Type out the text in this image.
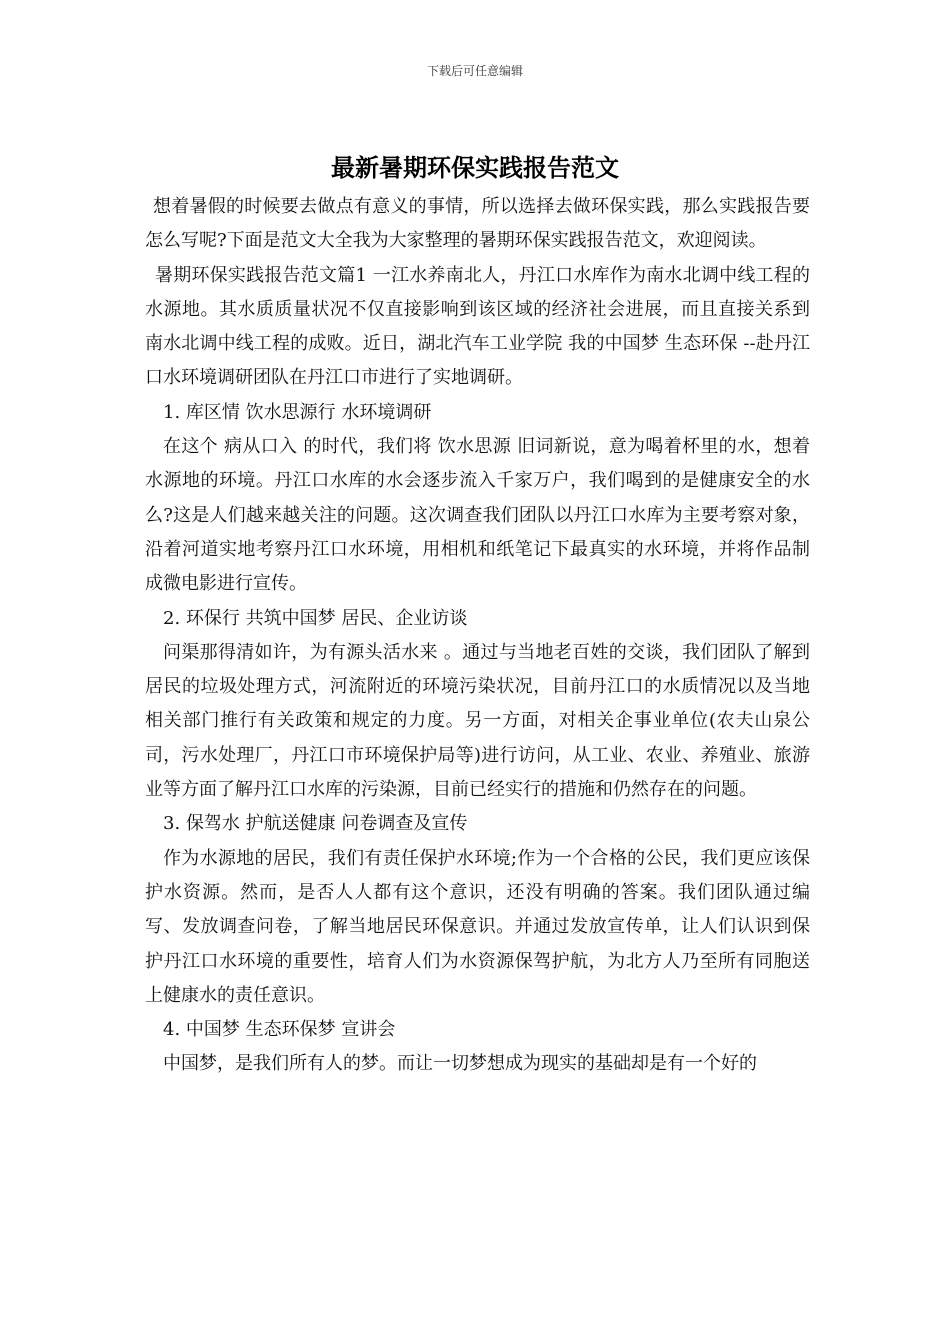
下载后可任意编辑
最新暑期环保实践报告范文

想着暑假的时候要去做点有意义的事情，所以选择去做环保实践，那么实践报告要怎么写呢?下面是范文大全我为大家整理的暑期环保实践报告范文，欢迎阅读。

暑期环保实践报告范文篇1 一江水养南北人，丹江口水库作为南水北调中线工程的水源地。其水质质量状况不仅直接影响到该区域的经济社会进展，而且直接关系到南水北调中线工程的成败。近日，湖北汽车工业学院 我的中国梦 生态环保 --赴丹江口水环境调研团队在丹江口市进行了实地调研。

1. 库区情 饮水思源行 水环境调研

在这个 病从口入 的时代，我们将 饮水思源 旧词新说，意为喝着杯里的水，想着水源地的环境。丹江口水库的水会逐步流入千家万户，我们喝到的是健康安全的水么?这是人们越来越关注的问题。这次调查我们团队以丹江口水库为主要考察对象，沿着河道实地考察丹江口水环境，用相机和纸笔记下最真实的水环境，并将作品制成微电影进行宣传。

2. 环保行 共筑中国梦 居民、企业访谈

问渠那得清如许，为有源头活水来 。通过与当地老百姓的交谈，我们团队了解到居民的垃圾处理方式，河流附近的环境污染状况，目前丹江口的水质情况以及当地相关部门推行有关政策和规定的力度。另一方面，对相关企事业单位(农夫山泉公司，污水处理厂，丹江口市环境保护局等)进行访问，从工业、农业、养殖业、旅游业等方面了解丹江口水库的污染源，目前已经实行的措施和仍然存在的问题。

3. 保驾水 护航送健康 问卷调查及宣传

作为水源地的居民，我们有责任保护水环境;作为一个合格的公民，我们更应该保护水资源。然而，是否人人都有这个意识，还没有明确的答案。我们团队通过编写、发放调查问卷，了解当地居民环保意识。并通过发放宣传单，让人们认识到保护丹江口水环境的重要性，培育人们为水资源保驾护航，为北方人乃至所有同胞送上健康水的责任意识。

4. 中国梦 生态环保梦 宣讲会

中国梦，是我们所有人的梦。而让一切梦想成为现实的基础却是有一个好的
